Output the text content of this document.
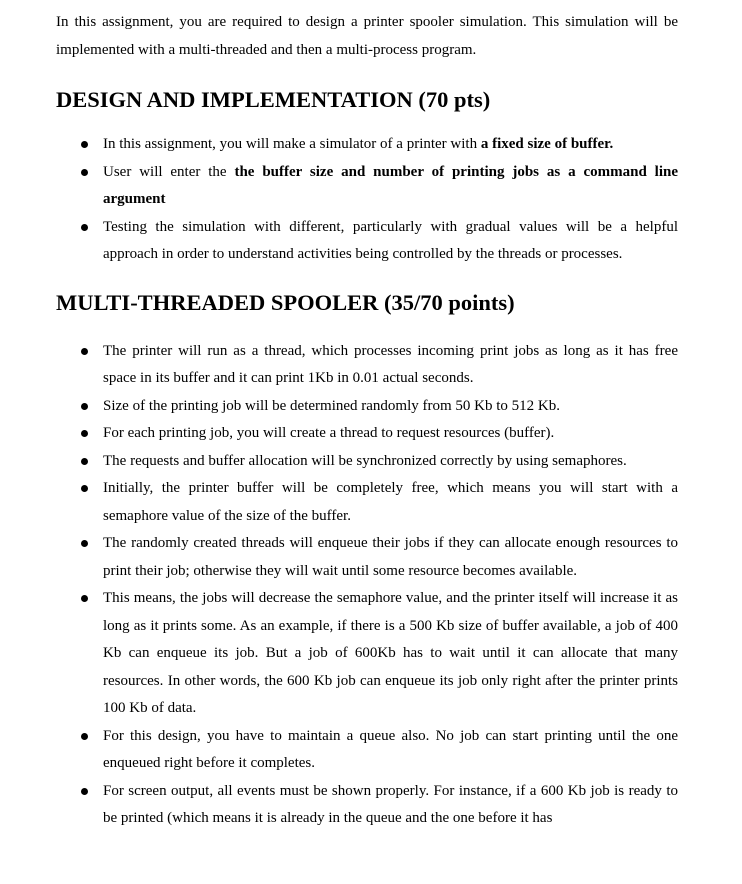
In this assignment, you are required to design a printer spooler simulation. This simulation will be implemented with a multi-threaded and then a multi-process program.

DESIGN AND IMPLEMENTATION (70 pts)
In this assignment, you will make a simulator of a printer with a fixed size of buffer.
User will enter the the buffer size and number of printing jobs as a command line argument
Testing the simulation with different, particularly with gradual values will be a helpful approach in order to understand activities being controlled by the threads or processes.
MULTI-THREADED SPOOLER (35/70 points)
The printer will run as a thread, which processes incoming print jobs as long as it has free space in its buffer and it can print 1Kb in 0.01 actual seconds.
Size of the printing job will be determined randomly from 50 Kb to 512 Kb.
For each printing job, you will create a thread to request resources (buffer).
The requests and buffer allocation will be synchronized correctly by using semaphores.
Initially, the printer buffer will be completely free, which means you will start with a semaphore value of the size of the buffer.
The randomly created threads will enqueue their jobs if they can allocate enough resources to print their job; otherwise they will wait until some resource becomes available.
This means, the jobs will decrease the semaphore value, and the printer itself will increase it as long as it prints some. As an example, if there is a 500 Kb size of buffer available, a job of 400 Kb can enqueue its job. But a job of 600Kb has to wait until it can allocate that many resources. In other words, the 600 Kb job can enqueue its job only right after the printer prints 100 Kb of data.
For this design, you have to maintain a queue also. No job can start printing until the one enqueued right before it completes.
For screen output, all events must be shown properly. For instance, if a 600 Kb job is ready to be printed (which means it is already in the queue and the one before it has
